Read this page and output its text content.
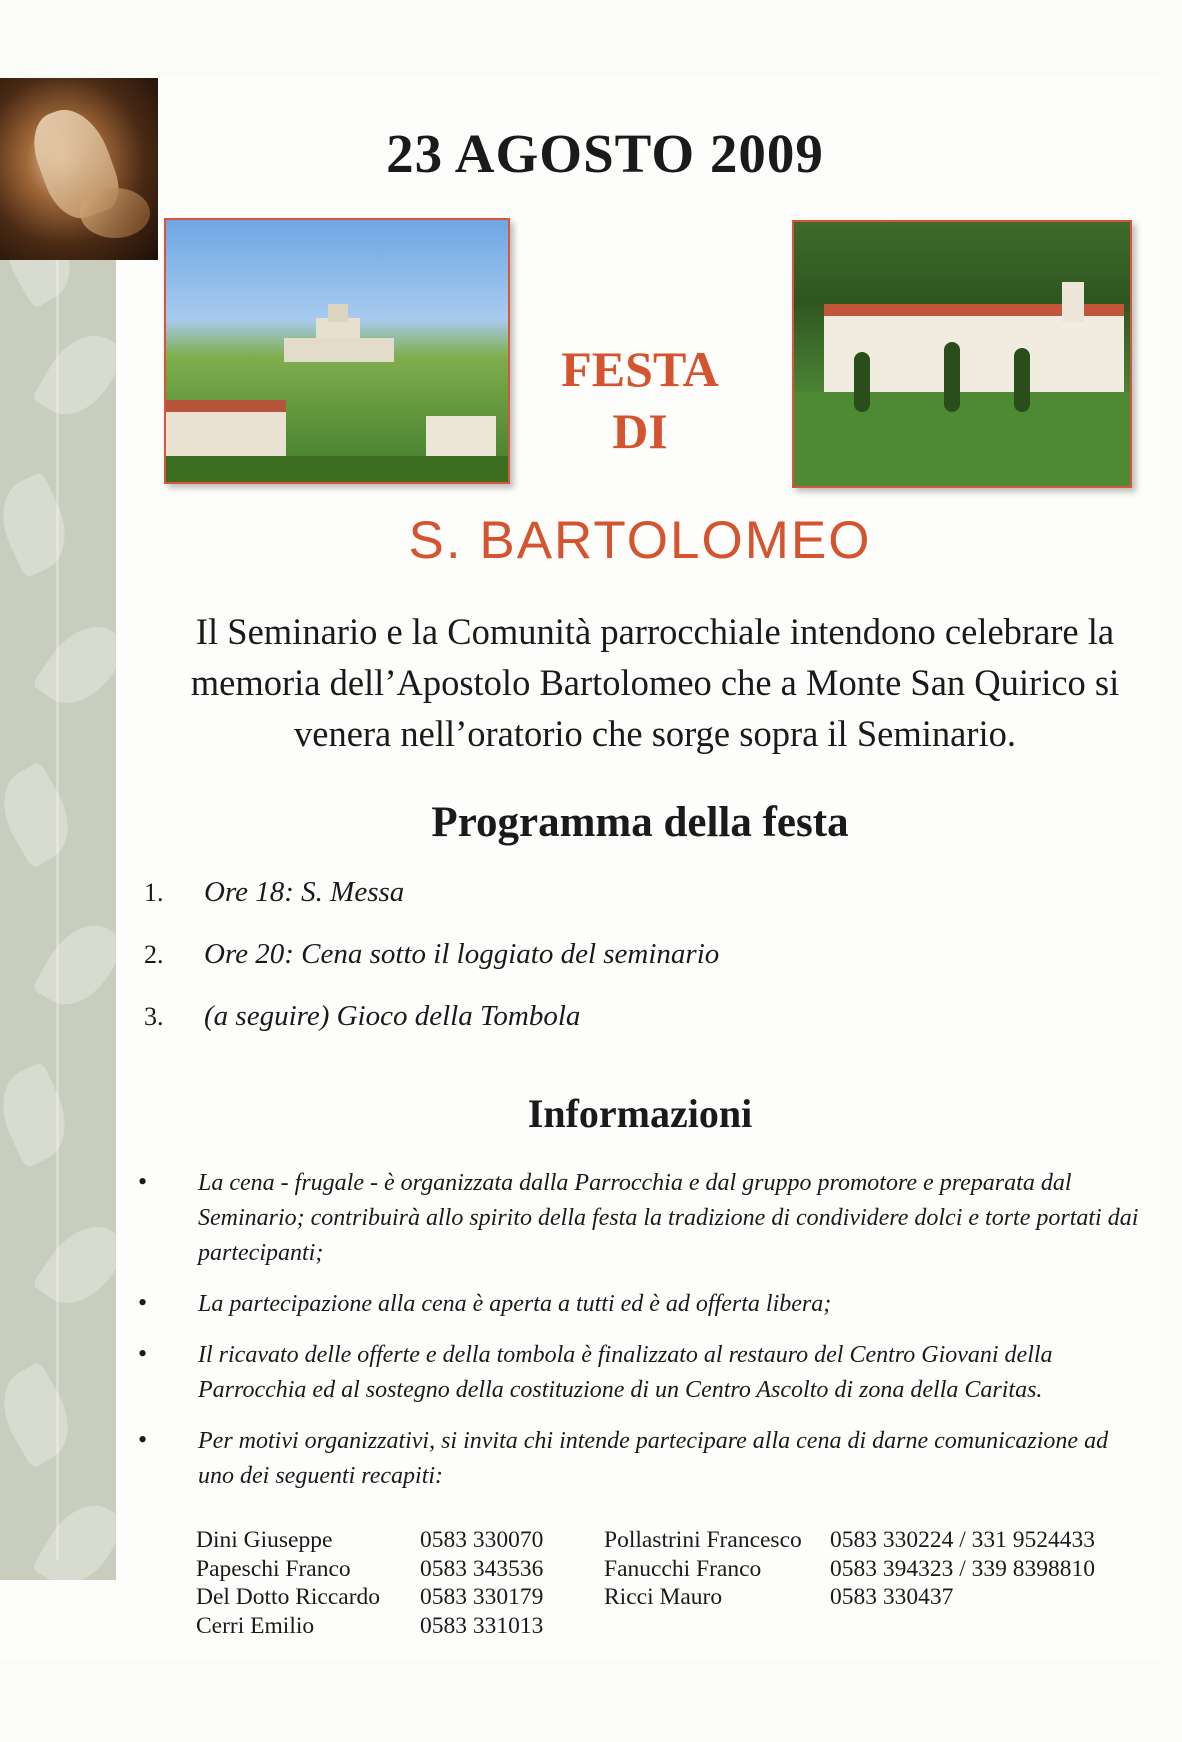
23 AGOSTO 2009
FESTA
DI
S. BARTOLOMEO
Il Seminario e la Comunità parrocchiale intendono celebrare la memoria dell’Apostolo Bartolomeo che a Monte San Quirico si venera nell’oratorio che sorge sopra il Seminario.
Programma della festa
1. Ore 18: S. Messa
2. Ore 20: Cena sotto il loggiato del seminario
3. (a seguire) Gioco della Tombola
Informazioni
• La cena - frugale - è organizzata dalla Parrocchia e dal gruppo promotore e preparata dal Seminario; contribuirà allo spirito della festa la tradizione di condividere dolci e torte portati dai partecipanti;
• La partecipazione alla cena è aperta a tutti ed è ad offerta libera;
• Il ricavato delle offerte e della tombola è finalizzato al restauro del Centro Giovani della Parrocchia ed al sostegno della costituzione di un Centro Ascolto di zona della Caritas.
• Per motivi organizzativi, si invita chi intende partecipare alla cena di darne comunicazione ad uno dei seguenti recapiti:
Dini Giuseppe
Papeschi Franco
Del Dotto Riccardo
Cerri Emilio
0583 330070
0583 343536
0583 330179
0583 331013
Pollastrini Francesco
Fanucchi Franco
Ricci Mauro
0583 330224 / 331 9524433
0583 394323 / 339 8398810
0583 330437
